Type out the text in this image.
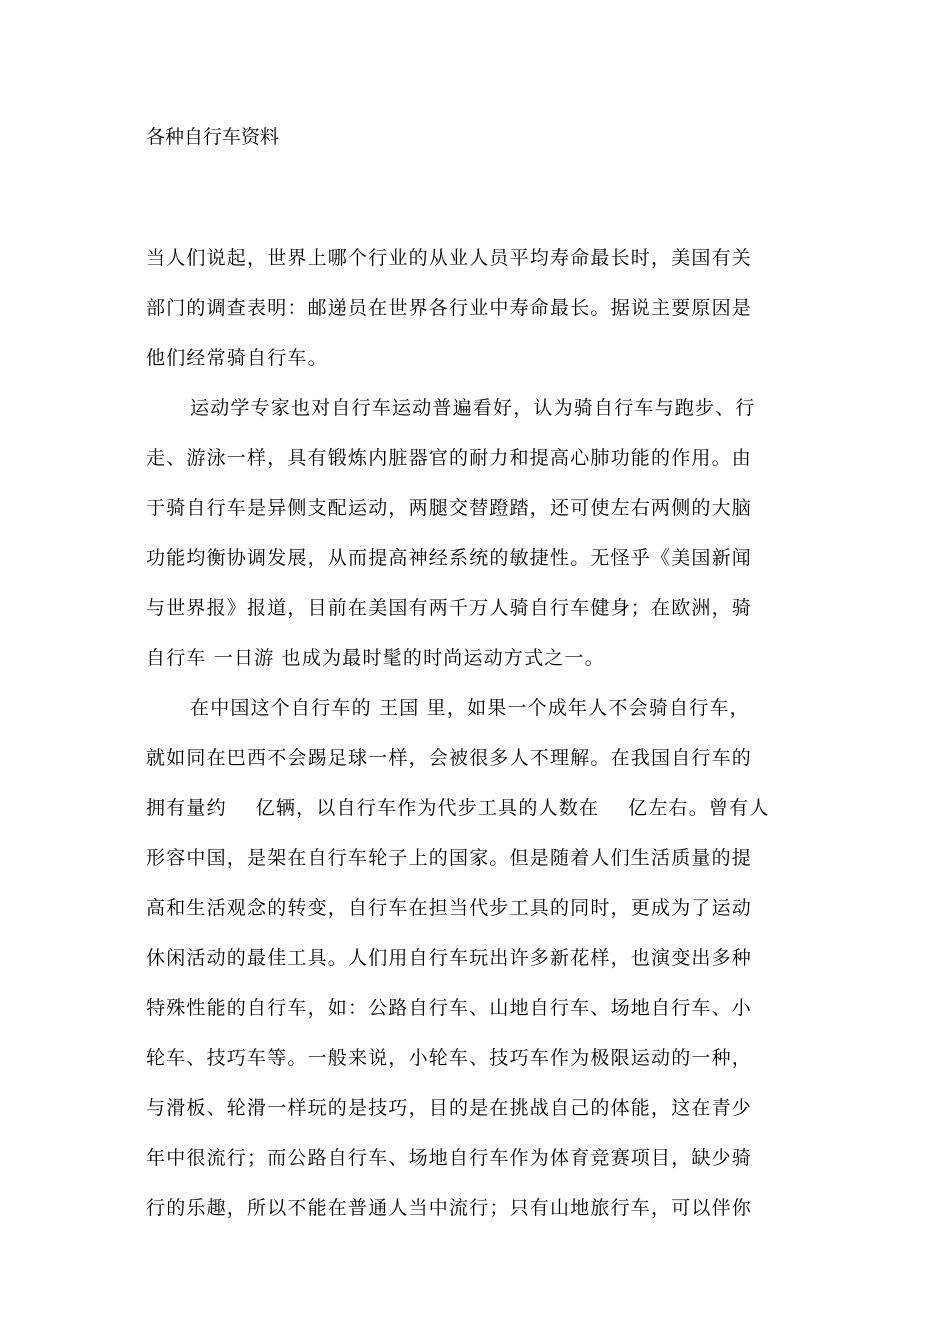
各种自行车资料
当人们说起，世界上哪个行业的从业人员平均寿命最长时，美国有关
部门的调查表明：邮递员在世界各行业中寿命最长。据说主要原因是
他们经常骑自行车。
运动学专家也对自行车运动普遍看好，认为骑自行车与跑步、行
走、游泳一样，具有锻炼内脏器官的耐力和提高心肺功能的作用。由
于骑自行车是异侧支配运动，两腿交替蹬踏，还可使左右两侧的大脑
功能均衡协调发展，从而提高神经系统的敏捷性。无怪乎《美国新闻
与世界报》报道，目前在美国有两千万人骑自行车健身；在欧洲，骑
自行车 一日游 也成为最时髦的时尚运动方式之一。
在中国这个自行车的 王国 里，如果一个成年人不会骑自行车，
就如同在巴西不会踢足球一样，会被很多人不理解。在我国自行车的
拥有量约    亿辆，以自行车作为代步工具的人数在    亿左右。曾有人
形容中国，是架在自行车轮子上的国家。但是随着人们生活质量的提
高和生活观念的转变，自行车在担当代步工具的同时，更成为了运动
休闲活动的最佳工具。人们用自行车玩出许多新花样，也演变出多种
特殊性能的自行车，如：公路自行车、山地自行车、场地自行车、小
轮车、技巧车等。一般来说，小轮车、技巧车作为极限运动的一种，
与滑板、轮滑一样玩的是技巧，目的是在挑战自己的体能，这在青少
年中很流行；而公路自行车、场地自行车作为体育竞赛项目，缺少骑
行的乐趣，所以不能在普通人当中流行；只有山地旅行车，可以伴你
